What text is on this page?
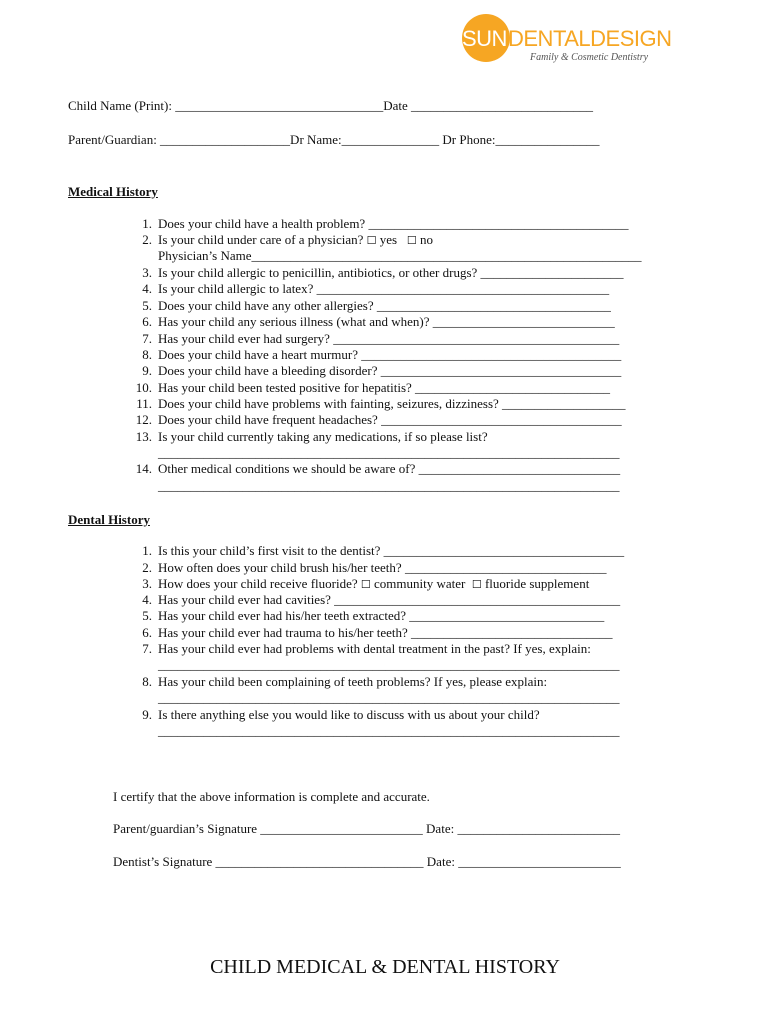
SUN DENTALDESIGN
Family & Cosmetic Dentistry
Child Name (Print): ________________________________Date ____________________________
Parent/Guardian: ____________________Dr Name:_______________ Dr Phone:________________
Medical History
1. Does your child have a health problem? ________________________________________
2. Is your child under care of a physician? ☐ yes ☐ no
Physician’s Name____________________________________________________________
3. Is your child allergic to penicillin, antibiotics, or other drugs? ______________________
4. Is your child allergic to latex? _____________________________________________
5. Does your child have any other allergies? ____________________________________
6. Has your child any serious illness (what and when)? ____________________________
7. Has your child ever had surgery? ____________________________________________
8. Does your child have a heart murmur? ________________________________________
9. Does your child have a bleeding disorder? _____________________________________
10. Has your child been tested positive for hepatitis? ______________________________
11. Does your child have problems with fainting, seizures, dizziness? ___________________
12. Does your child have frequent headaches? _____________________________________
13. Is your child currently taking any medications, if so please list?
_______________________________________________________________________
14. Other medical conditions we should be aware of? _______________________________
_______________________________________________________________________
Dental History
1. Is this your child’s first visit to the dentist? _____________________________________
2. How often does your child brush his/her teeth? _______________________________
3. How does your child receive fluoride? ☐ community water ☐ fluoride supplement
4. Has your child ever had cavities? ____________________________________________
5. Has your child ever had his/her teeth extracted? ______________________________
6. Has your child ever had trauma to his/her teeth? _______________________________
7. Has your child ever had problems with dental treatment in the past? If yes, explain:
_______________________________________________________________________
8. Has your child been complaining of teeth problems? If yes, please explain:
_______________________________________________________________________
9. Is there anything else you would like to discuss with us about your child?
_______________________________________________________________________
I certify that the above information is complete and accurate.
Parent/guardian’s Signature _________________________ Date: _________________________
Dentist’s Signature ________________________________ Date: _________________________
CHILD MEDICAL & DENTAL HISTORY
